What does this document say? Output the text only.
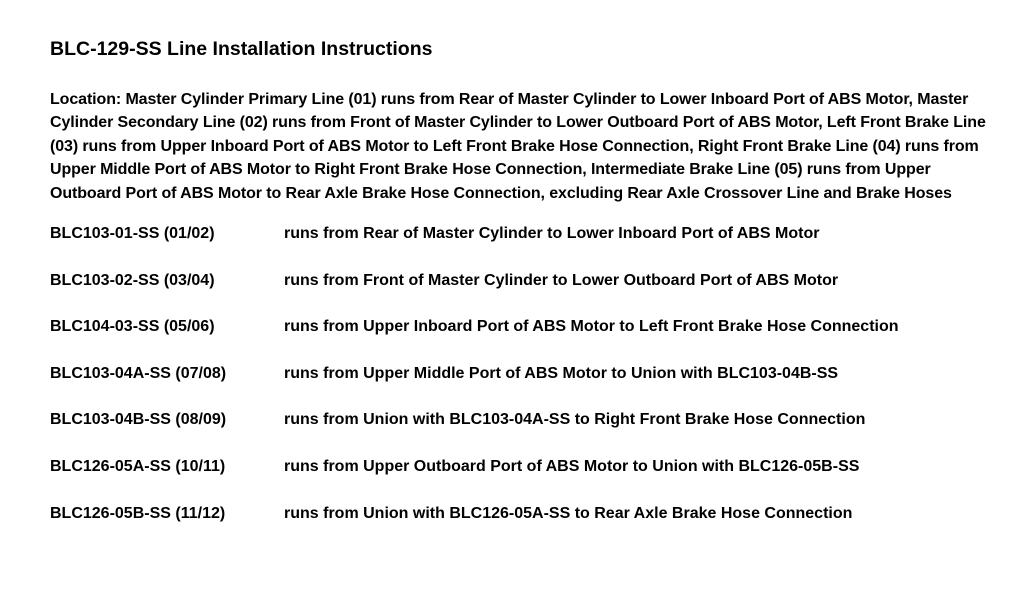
BLC-129-SS Line Installation Instructions
Location: Master Cylinder Primary Line (01) runs from Rear of Master Cylinder to Lower Inboard Port of ABS Motor, Master Cylinder Secondary Line (02) runs from Front of Master Cylinder to Lower Outboard Port of ABS Motor, Left Front Brake Line (03) runs from Upper Inboard Port of ABS Motor to Left Front Brake Hose Connection, Right Front Brake Line (04) runs from Upper Middle Port of ABS Motor to Right Front Brake Hose Connection, Intermediate Brake Line (05) runs from Upper Outboard Port of ABS Motor to Rear Axle Brake Hose Connection, excluding Rear Axle Crossover Line and Brake Hoses
BLC103-01-SS (01/02)	runs from Rear of Master Cylinder to Lower Inboard Port of ABS Motor
BLC103-02-SS (03/04)	runs from Front of Master Cylinder to Lower Outboard Port of ABS Motor
BLC104-03-SS (05/06)	runs from Upper Inboard Port of ABS Motor to Left Front Brake Hose Connection
BLC103-04A-SS (07/08)	runs from Upper Middle Port of ABS Motor to Union with BLC103-04B-SS
BLC103-04B-SS (08/09)	runs from Union with BLC103-04A-SS to Right Front Brake Hose Connection
BLC126-05A-SS (10/11)	runs from Upper Outboard Port of ABS Motor to Union with BLC126-05B-SS
BLC126-05B-SS (11/12)	runs from Union with BLC126-05A-SS to Rear Axle Brake Hose Connection
